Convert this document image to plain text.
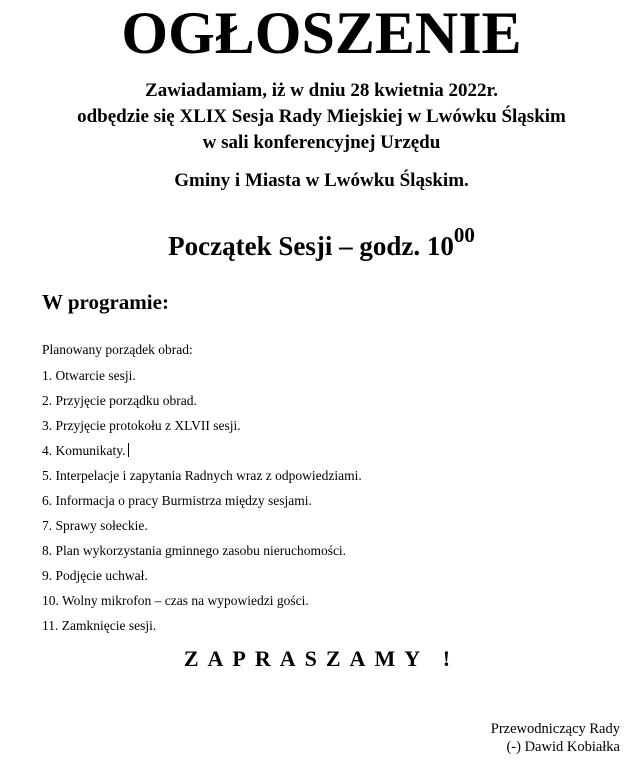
OGŁOSZENIE

Zawiadamiam, iż w dniu 28 kwietnia 2022r.
odbędzie się XLIX Sesja Rady Miejskiej w Lwówku Śląskim
w sali konferencyjnej Urzędu

Gminy i Miasta w Lwówku Śląskim.

Początek Sesji – godz. 1000

W programie:

Planowany porządek obrad:

1. Otwarcie sesji.
2. Przyjęcie porządku obrad.
3. Przyjęcie protokołu z XLVII sesji.
4. Komunikaty.
5. Interpelacje i zapytania Radnych wraz z odpowiedziami.
6. Informacja o pracy Burmistrza między sesjami.
7. Sprawy sołeckie.
8. Plan wykorzystania gminnego zasobu nieruchomości.
9. Podjęcie uchwał.
10. Wolny mikrofon – czas na wypowiedzi gości.
11. Zamknięcie sesji.

ZAPRASZAMY !

Przewodniczący Rady
(-) Dawid Kobiałka
